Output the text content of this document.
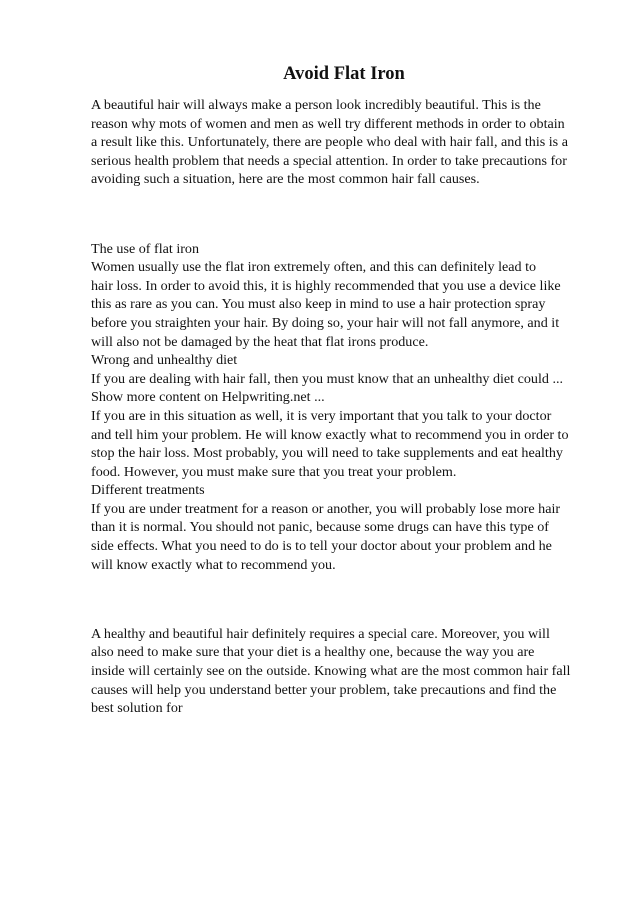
Avoid Flat Iron

A beautiful hair will always make a person look incredibly beautiful. This is the

reason why mots of women and men as well try different methods in order to obtain

a result like this. Unfortunately, there are people who deal with hair fall, and this is a

serious health problem that needs a special attention. In order to take precautions for

avoiding such a situation, here are the most common hair fall causes.

The use of flat iron

Women usually use the flat iron extremely often, and this can definitely lead to

hair loss. In order to avoid this, it is highly recommended that you use a device like

this as rare as you can. You must also keep in mind to use a hair protection spray

before you straighten your hair. By doing so, your hair will not fall anymore, and it

will also not be damaged by the heat that flat irons produce.

Wrong and unhealthy diet

If you are dealing with hair fall, then you must know that an unhealthy diet could ...

Show more content on Helpwriting.net ...

If you are in this situation as well, it is very important that you talk to your doctor

and tell him your problem. He will know exactly what to recommend you in order to

stop the hair loss. Most probably, you will need to take supplements and eat healthy

food. However, you must make sure that you treat your problem.

Different treatments

If you are under treatment for a reason or another, you will probably lose more hair

than it is normal. You should not panic, because some drugs can have this type of

side effects. What you need to do is to tell your doctor about your problem and he

will know exactly what to recommend you.

A healthy and beautiful hair definitely requires a special care. Moreover, you will

also need to make sure that your diet is a healthy one, because the way you are

inside will certainly see on the outside. Knowing what are the most common hair fall

causes will help you understand better your problem, take precautions and find the

best solution for
